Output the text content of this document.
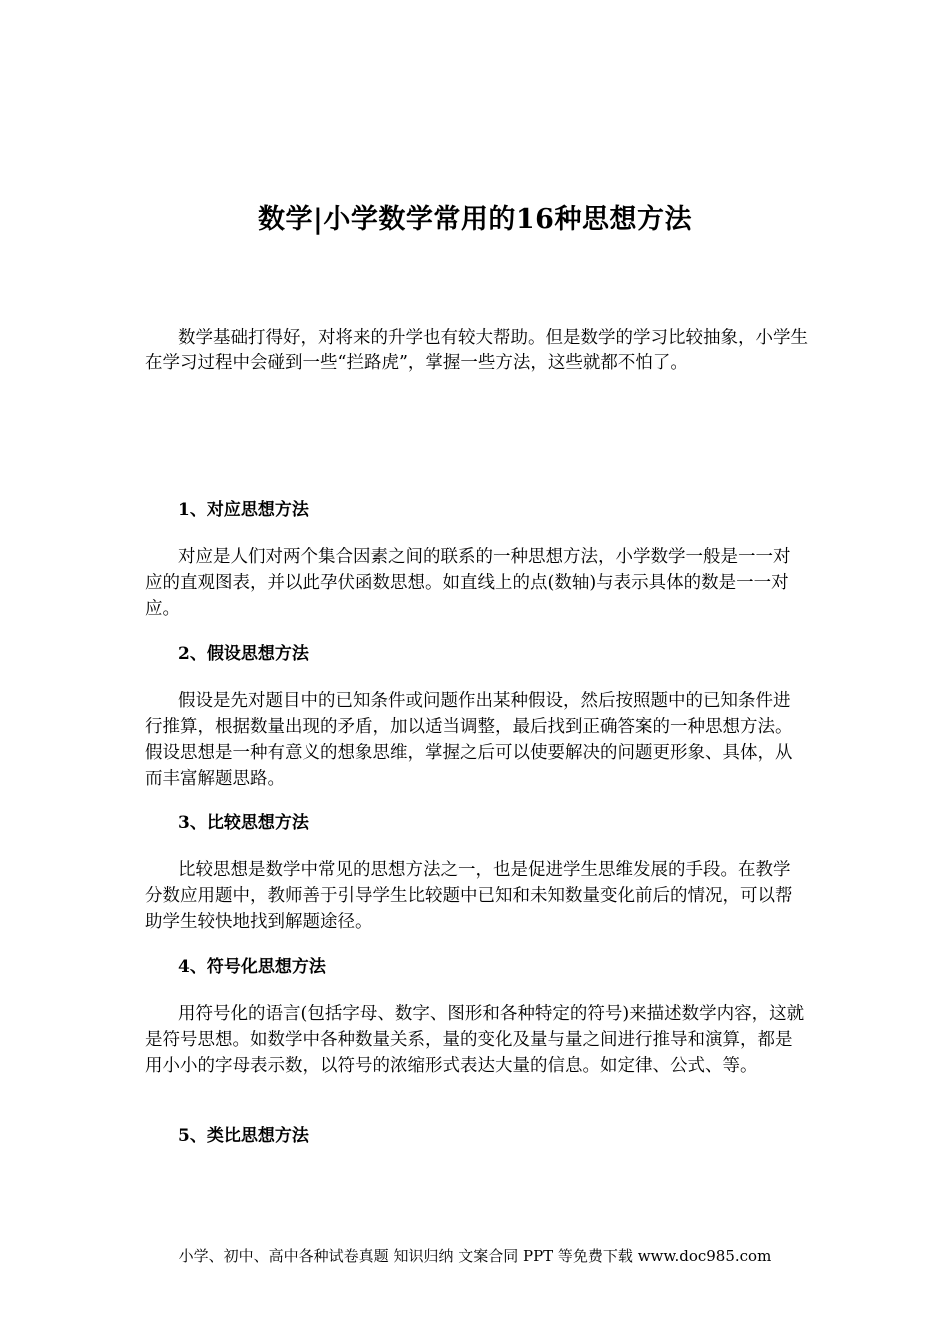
数学|小学数学常用的16种思想方法

数学基础打得好，对将来的升学也有较大帮助。但是数学的学习比较抽象，小学生在学习过程中会碰到一些“拦路虎”，掌握一些方法，这些就都不怕了。

1、对应思想方法

对应是人们对两个集合因素之间的联系的一种思想方法，小学数学一般是一一对应的直观图表，并以此孕伏函数思想。如直线上的点(数轴)与表示具体的数是一一对应。

2、假设思想方法

假设是先对题目中的已知条件或问题作出某种假设，然后按照题中的已知条件进行推算，根据数量出现的矛盾，加以适当调整，最后找到正确答案的一种思想方法。假设思想是一种有意义的想象思维，掌握之后可以使要解决的问题更形象、具体，从而丰富解题思路。

3、比较思想方法

比较思想是数学中常见的思想方法之一，也是促进学生思维发展的手段。在教学分数应用题中，教师善于引导学生比较题中已知和未知数量变化前后的情况，可以帮助学生较快地找到解题途径。

4、符号化思想方法

用符号化的语言(包括字母、数字、图形和各种特定的符号)来描述数学内容，这就是符号思想。如数学中各种数量关系，量的变化及量与量之间进行推导和演算，都是用小小的字母表示数，以符号的浓缩形式表达大量的信息。如定律、公式、等。

5、类比思想方法

小学、初中、高中各种试卷真题 知识归纳 文案合同 PPT 等免费下载 www.doc985.com
